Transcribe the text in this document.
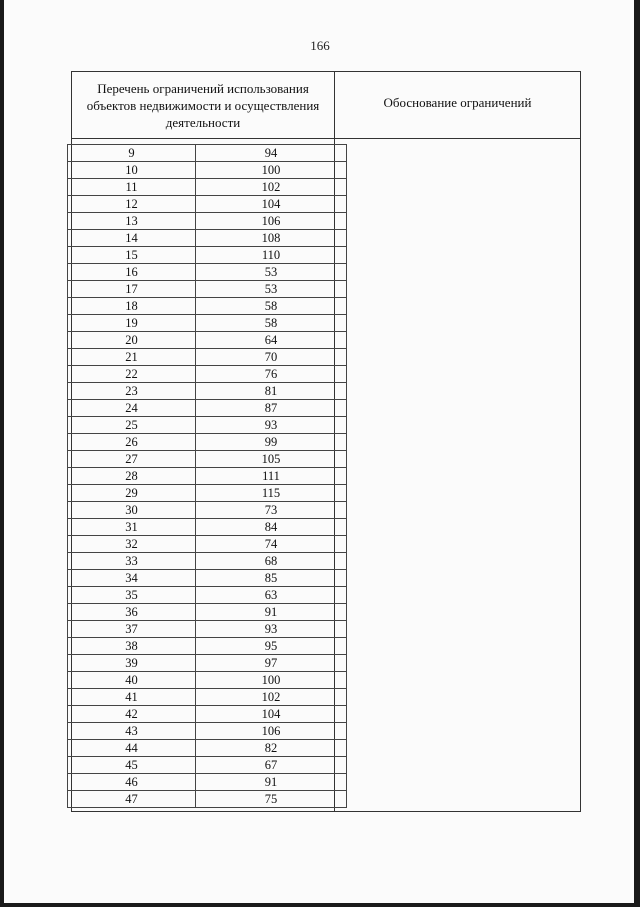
166
Перечень ограничений использования объектов недвижимости и осуществления деятельности
Обоснование ограничений
9	94
10	100
11	102
12	104
13	106
14	108
15	110
16	53
17	53
18	58
19	58
20	64
21	70
22	76
23	81
24	87
25	93
26	99
27	105
28	111
29	115
30	73
31	84
32	74
33	68
34	85
35	63
36	91
37	93
38	95
39	97
40	100
41	102
42	104
43	106
44	82
45	67
46	91
47	75
